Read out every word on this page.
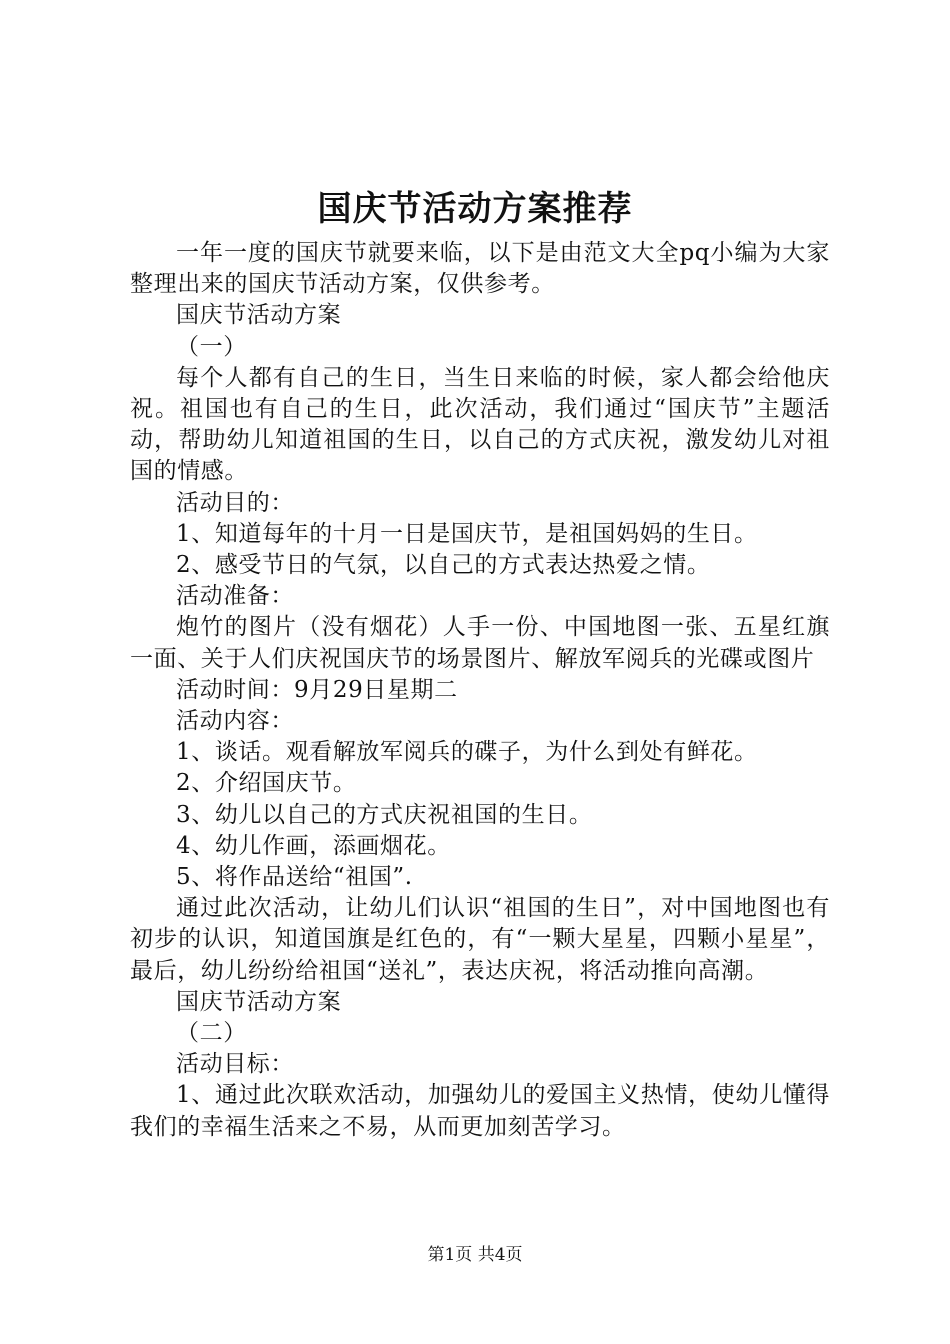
国庆节活动方案推荐

一年一度的国庆节就要来临，以下是由范文大全pq小编为大家整理出来的国庆节活动方案，仅供参考。

国庆节活动方案

（一）

每个人都有自己的生日，当生日来临的时候，家人都会给他庆祝。祖国也有自己的生日，此次活动，我们通过“国庆节”主题活动，帮助幼儿知道祖国的生日，以自己的方式庆祝，激发幼儿对祖国的情感。

活动目的：

1、知道每年的十月一日是国庆节，是祖国妈妈的生日。

2、感受节日的气氛，以自己的方式表达热爱之情。

活动准备：

炮竹的图片（没有烟花）人手一份、中国地图一张、五星红旗一面、关于人们庆祝国庆节的场景图片、解放军阅兵的光碟或图片

活动时间：9月29日星期二

活动内容：

1、谈话。观看解放军阅兵的碟子，为什么到处有鲜花。

2、介绍国庆节。

3、幼儿以自己的方式庆祝祖国的生日。

4、幼儿作画，添画烟花。

5、将作品送给“祖国”.

通过此次活动，让幼儿们认识“祖国的生日”，对中国地图也有初步的认识，知道国旗是红色的，有“一颗大星星，四颗小星星”，最后，幼儿纷纷给祖国“送礼”，表达庆祝，将活动推向高潮。

国庆节活动方案

（二）

活动目标：

1、通过此次联欢活动，加强幼儿的爱国主义热情，使幼儿懂得我们的幸福生活来之不易，从而更加刻苦学习。

第1页 共4页
